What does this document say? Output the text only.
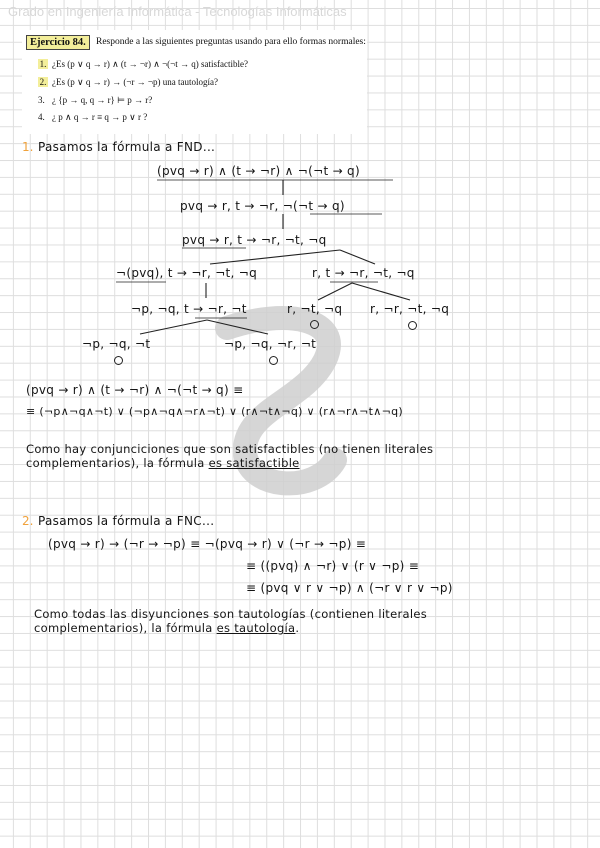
Grado en Ingeniería Informática - Tecnologías Informáticas
Ejercicio 84.	Responde a las siguientes preguntas usando para ello formas normales:
1. ¿Es (p ∨ q → r) ∧ (t → ¬r) ∧ ¬(¬t → q) satisfactible?
2. ¿Es (p ∨ q → r) → (¬r → ¬p) una tautología?
3. ¿ {p → q, q → r} ⊨ p → r?
4. ¿ p ∧ q → r ≡ q → p ∨ r ?
1. Pasamos la fórmula a FND...
(pvq → r) ∧ (t → ¬r) ∧ ¬(¬t → q)
pvq → r, t → ¬r, ¬(¬t → q)
pvq → r, t → ¬r, ¬t, ¬q
¬(pvq), t → ¬r, ¬t, ¬q	r, t → ¬r, ¬t, ¬q
¬p, ¬q, t → ¬r, ¬t	r, ¬t, ¬q r, ¬r, ¬t, ¬q
¬p, ¬q, ¬t	¬p, ¬q, ¬r, ¬t
(pvq → r) ∧ (t → ¬r) ∧ ¬(¬t → q) ≡
≡ (¬p∧¬q∧¬t) ∨ (¬p∧¬q∧¬r∧¬t) ∨ (r∧¬t∧¬q) ∨ (r∧¬r∧¬t∧¬q)
Como hay conjunciciones que son satisfactibles (no tienen literales
complementarios), la fórmula es satisfactible
2. Pasamos la fórmula a FNC...
(pvq → r) → (¬r → ¬p) ≡ ¬(pvq → r) ∨ (¬r → ¬p) ≡
≡ ((pvq) ∧ ¬r) ∨ (r ∨ ¬p) ≡
≡ (pvq ∨ r ∨ ¬p) ∧ (¬r ∨ r ∨ ¬p)
Como todas las disyunciones son tautologías (contienen literales
complementarios), la fórmula es tautología.
